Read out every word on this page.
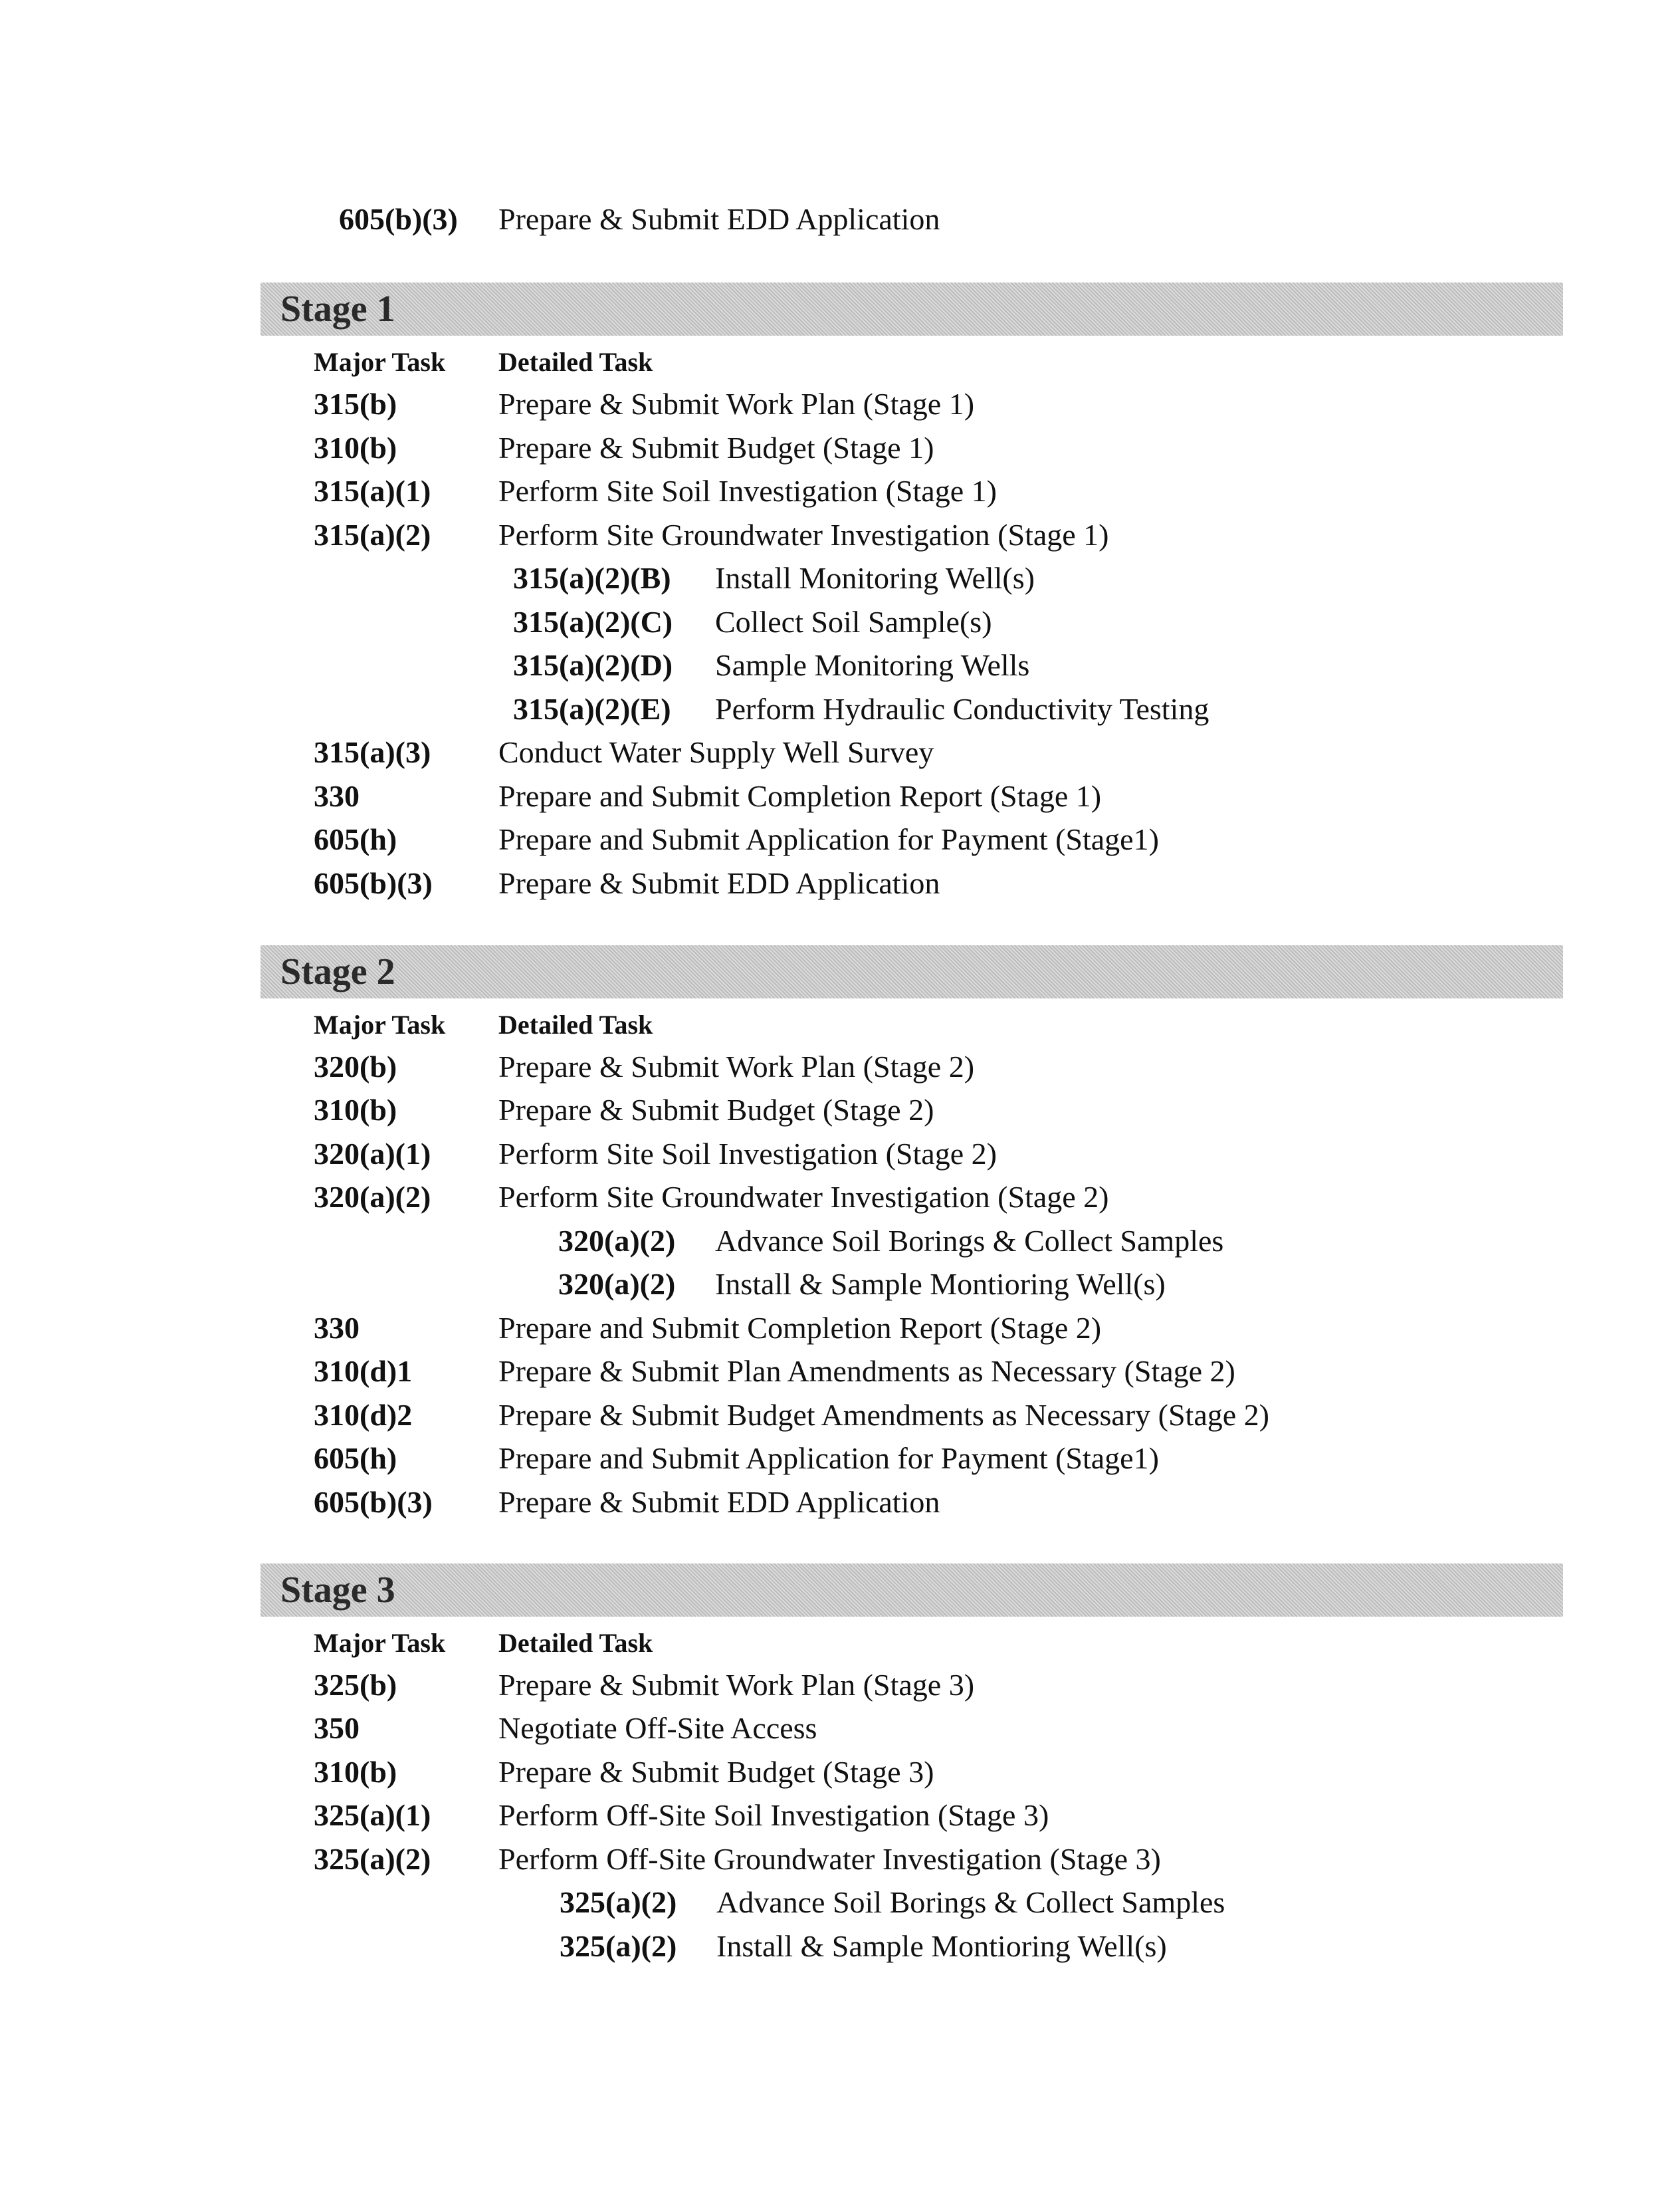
605(b)(3) Prepare & Submit EDD Application
Stage 1
Major Task Detailed Task
315(b)	Prepare & Submit Work Plan (Stage 1)
310(b)	Prepare & Submit Budget (Stage 1)
315(a)(1) Perform Site Soil Investigation (Stage 1)
315(a)(2) Perform Site Groundwater Investigation (Stage 1)
315(a)(2)(B) Install Monitoring Well(s)
315(a)(2)(C) Collect Soil Sample(s)
315(a)(2)(D) Sample Monitoring Wells
315(a)(2)(E) Perform Hydraulic Conductivity Testing
315(a)(3) Conduct Water Supply Well Survey
330	Prepare and Submit Completion Report (Stage 1)
605(h)	Prepare and Submit Application for Payment (Stage1)
605(b)(3) Prepare & Submit EDD Application
Stage 2
Major Task Detailed Task
320(b)	Prepare & Submit Work Plan (Stage 2)
310(b)	Prepare & Submit Budget (Stage 2)
320(a)(1) Perform Site Soil Investigation (Stage 2)
320(a)(2) Perform Site Groundwater Investigation (Stage 2)
320(a)(2) Advance Soil Borings & Collect Samples
320(a)(2) Install & Sample Montioring Well(s)
330	Prepare and Submit Completion Report (Stage 2)
310(d)1	Prepare & Submit Plan Amendments as Necessary (Stage 2)
310(d)2	Prepare & Submit Budget Amendments as Necessary (Stage 2)
605(h)	Prepare and Submit Application for Payment (Stage1)
605(b)(3) Prepare & Submit EDD Application
Stage 3
Major Task Detailed Task
325(b)	Prepare & Submit Work Plan (Stage 3)
350	Negotiate Off-Site Access
310(b)	Prepare & Submit Budget (Stage 3)
325(a)(1) Perform Off-Site Soil Investigation (Stage 3)
325(a)(2) Perform Off-Site Groundwater Investigation (Stage 3)
325(a)(2) Advance Soil Borings & Collect Samples
325(a)(2) Install & Sample Montioring Well(s)
